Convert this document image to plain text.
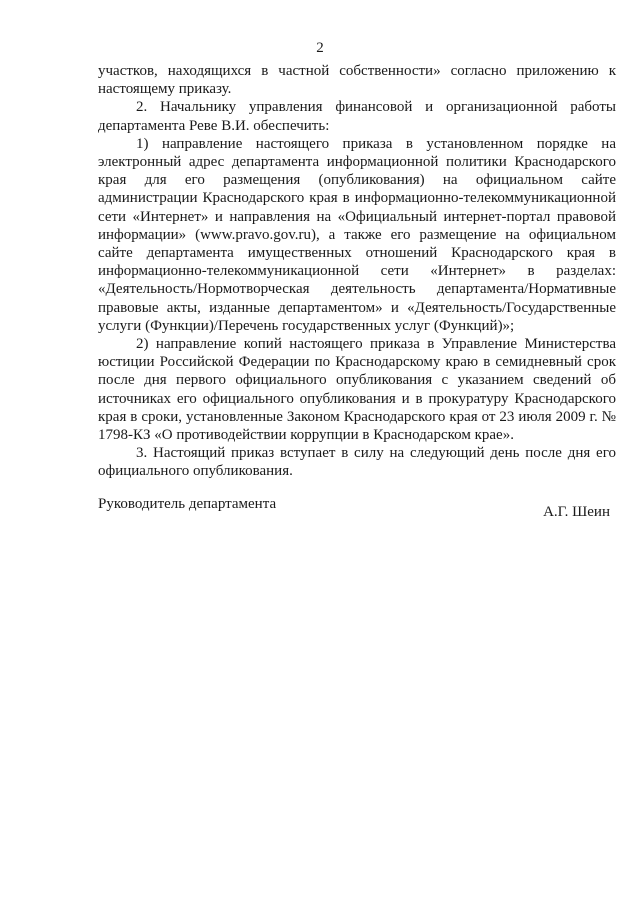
2

участков, находящихся в частной собственности» согласно приложению к настоящему приказу.

2. Начальнику управления финансовой и организационной работы департамента Реве В.И. обеспечить:

1) направление настоящего приказа в установленном порядке на электронный адрес департамента информационной политики Краснодарского края для его размещения (опубликования) на официальном сайте администрации Краснодарского края в информационно-телекоммуникационной сети «Интернет» и направления на «Официальный интернет-портал правовой информации» (www.pravo.gov.ru), а также его размещение на официальном сайте департамента имущественных отношений Краснодарского края в информационно-телекоммуникационной сети «Интернет» в разделах: «Деятельность/Нормотворческая деятельность департамента/Нормативные правовые акты, изданные департаментом» и «Деятельность/Государственные услуги (Функции)/Перечень государственных услуг (Функций)»;

2) направление копий настоящего приказа в Управление Министерства юстиции Российской Федерации по Краснодарскому краю в семидневный срок после дня первого официального опубликования с указанием сведений об источниках его официального опубликования и в прокуратуру Краснодарского края в сроки, установленные Законом Краснодарского края от 23 июля 2009 г. № 1798-КЗ «О противодействии коррупции в Краснодарском крае».

3. Настоящий приказ вступает в силу на следующий день после дня его официального опубликования.

Руководитель департамента	А.Г. Шеин
